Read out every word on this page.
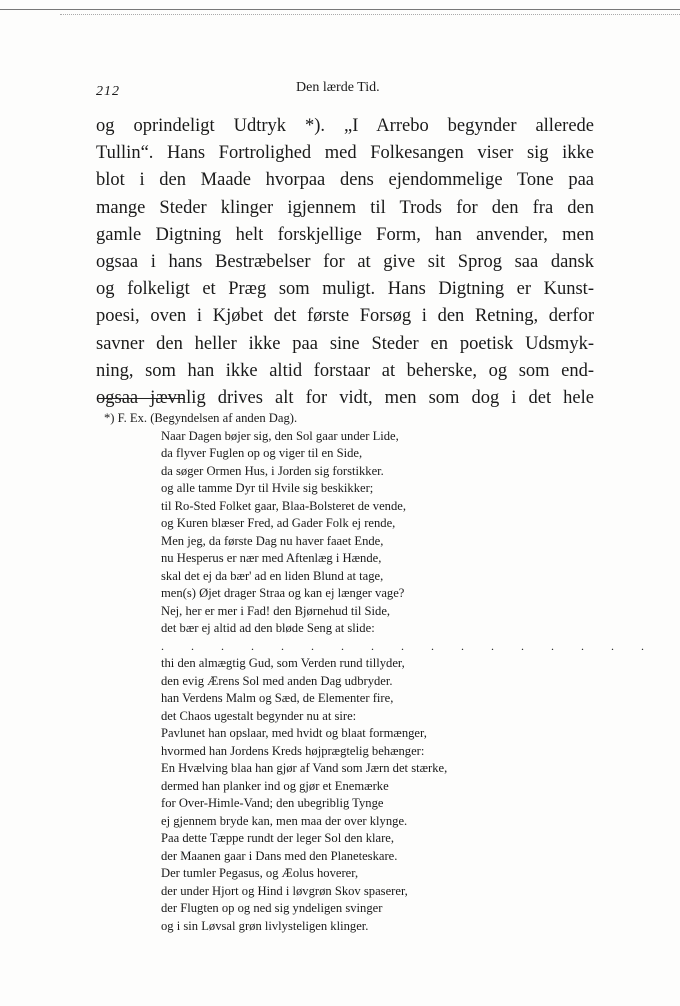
212	Den lærde Tid.
og oprindeligt Udtryk *). „I Arrebo begynder allerede
Tullin“. Hans Fortrolighed med Folkesangen viser sig ikke
blot i den Maade hvorpaa dens ejendommelige Tone paa
mange Steder klinger igjennem til Trods for den fra den
gamle Digtning helt forskjellige Form, han anvender, men
ogsaa i hans Bestræbelser for at give sit Sprog saa dansk
og folkeligt et Præg som muligt. Hans Digtning er Kunst-
poesi, oven i Kjøbet det første Forsøg i den Retning, derfor
savner den heller ikke paa sine Steder en poetisk Udsmyk-
ning, som han ikke altid forstaar at beherske, og som end-
ogsaa jævnlig drives alt for vidt, men som dog i det hele
*) F. Ex. (Begyndelsen af anden Dag).
Naar Dagen bøjer sig, den Sol gaar under Lide,
da flyver Fuglen op og viger til en Side,
da søger Ormen Hus, i Jorden sig forstikker.
og alle tamme Dyr til Hvile sig beskikker;
til Ro-Sted Folket gaar, Blaa-Bolsteret de vende,
og Kuren blæser Fred, ad Gader Folk ej rende,
Men jeg, da første Dag nu haver faaet Ende,
nu Hesperus er nær med Aftenlæg i Hænde,
skal det ej da bær' ad en liden Blund at tage,
men(s) Øjet drager Straa og kan ej længer vage?
Nej, her er mer i Fad! den Bjørnehud til Side,
det bær ej altid ad den bløde Seng at slide:
. . . . . . . . . . . . . . . . .
thi den almægtig Gud, som Verden rund tillyder,
den evig Ærens Sol med anden Dag udbryder.
han Verdens Malm og Sæd, de Elementer fire,
det Chaos ugestalt begynder nu at sire:
Pavlunet han opslaar, med hvidt og blaat formænger,
hvormed han Jordens Kreds højprægtelig behænger:
En Hvælving blaa han gjør af Vand som Jærn det stærke,
dermed han planker ind og gjør et Enemærke
for Over-Himle-Vand; den ubegriblig Tynge
ej gjennem bryde kan, men maa der over klynge.
Paa dette Tæppe rundt der leger Sol den klare,
der Maanen gaar i Dans med den Planeteskare.
Der tumler Pegasus, og Æolus hoverer,
der under Hjort og Hind i løvgrøn Skov spaserer,
der Flugten op og ned sig yndeligen svinger
og i sin Løvsal grøn livlysteligen klinger.
